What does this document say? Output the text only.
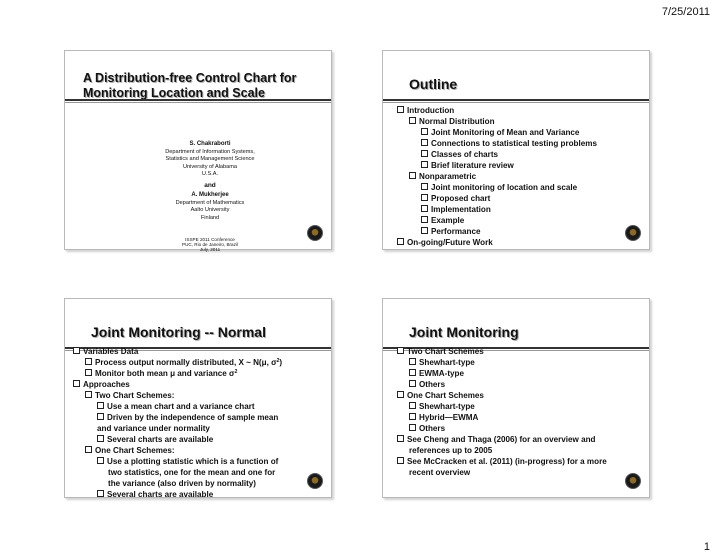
7/25/2011
A Distribution-free Control Chart for
Monitoring Location and Scale
S. Chakraborti
Department of Information Systems,
Statistics and Management Science
University of Alabama
U.S.A.
and
A. Mukherjee
Department of Mathematics
Aalto University
Finland
ISSPE 2011 Conference
PUC, Rio de Janeiro, Brazil
July, 2011
Outline
Introduction
Normal Distribution
Joint Monitoring of Mean and Variance
Connections to statistical testing problems
Classes of charts
Brief literature review
Nonparametric
Joint monitoring of location and scale
Proposed chart
Implementation
Example
Performance
On-going/Future Work
Joint Monitoring -- Normal
Variables Data
Process output normally distributed, X ~ N(μ, $\sigma^2$)
Monitor both mean μ and variance $\sigma^2$
Approaches
Two Chart Schemes:
Use a mean chart and a variance chart
Driven by the independence of sample mean
and variance under normality
Several charts are available
One Chart Schemes:
Use a plotting statistic which is a function of
two statistics, one for the mean and one for
the variance (also driven by normality)
Several charts are available
Joint Monitoring
Two Chart Schemes
Shewhart-type
EWMA-type
Others
One Chart Schemes
Shewhart-type
Hybrid—EWMA
Others
See Cheng and Thaga (2006) for an overview and
references up to 2005
See McCracken et al. (2011) (in-progress) for a more
recent overview
1
